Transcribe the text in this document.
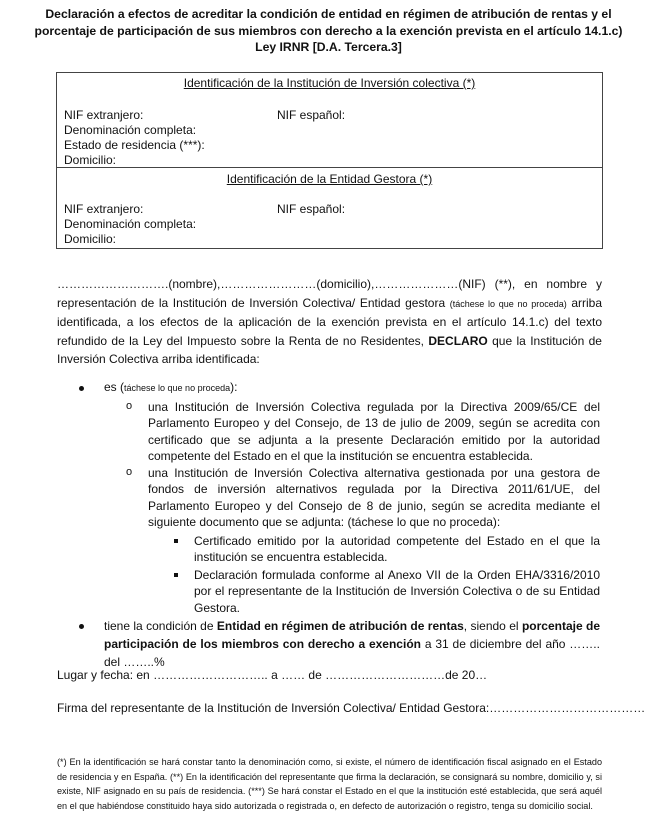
Declaración a efectos de acreditar la condición de entidad en régimen de atribución de rentas y el
porcentaje de participación de sus miembros con derecho a la exención prevista en el artículo 14.1.c)
Ley IRNR [D.A. Tercera.3]
Identificación de la Institución de Inversión colectiva (*)
NIF extranjero:	NIF español:
Denominación completa:
Estado de residencia (***):
Domicilio:
Identificación de la Entidad Gestora (*)
NIF extranjero:	NIF español:
Denominación completa:
Domicilio:
……………………….(nombre),……………………(domicilio),…………………(NIF) (**), en nombre y representación de la Institución de Inversión Colectiva/ Entidad gestora (táchese lo que no proceda) arriba identificada, a los efectos de la aplicación de la exención prevista en el artículo 14.1.c) del texto refundido de la Ley del Impuesto sobre la Renta de no Residentes, DECLARO que la Institución de Inversión Colectiva arriba identificada:
es (táchese lo que no proceda):
o una Institución de Inversión Colectiva regulada por la Directiva 2009/65/CE del Parlamento Europeo y del Consejo, de 13 de julio de 2009, según se acredita con certificado que se adjunta a la presente Declaración emitido por la autoridad competente del Estado en el que la institución se encuentra establecida.
o una Institución de Inversión Colectiva alternativa gestionada por una gestora de fondos de inversión alternativos regulada por la Directiva 2011/61/UE, del Parlamento Europeo y del Consejo de 8 de junio, según se acredita mediante el siguiente documento que se adjunta: (táchese lo que no proceda):
Certificado emitido por la autoridad competente del Estado en el que la institución se encuentra establecida.
Declaración formulada conforme al Anexo VII de la Orden EHA/3316/2010 por el representante de la Institución de Inversión Colectiva o de su Entidad Gestora.
tiene la condición de Entidad en régimen de atribución de rentas, siendo el porcentaje de participación de los miembros con derecho a exención a 31 de diciembre del año …….. del ……..%
Lugar y fecha: en ……………………….. a …… de …………………………de 20…
Firma del representante de la Institución de Inversión Colectiva/ Entidad Gestora:…………………………………
(*) En la identificación se hará constar tanto la denominación como, si existe, el número de identificación fiscal asignado en el Estado de residencia y en España. (**) En la identificación del representante que firma la declaración, se consignará su nombre, domicilio y, si existe, NIF asignado en su país de residencia. (***) Se hará constar el Estado en el que la institución esté establecida, que será aquél en el que habiéndose constituido haya sido autorizada o registrada o, en defecto de autorización o registro, tenga su domicilio social.
